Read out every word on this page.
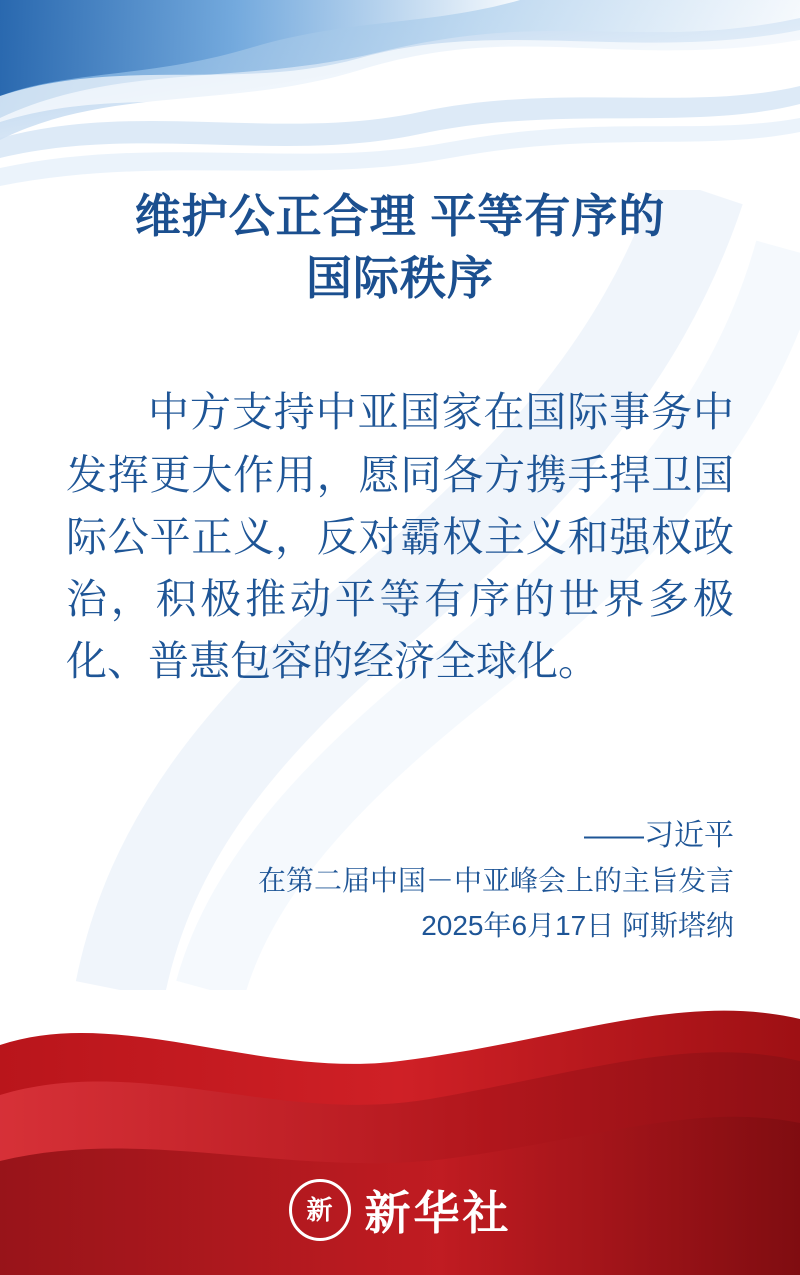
维护公正合理 平等有序的
国际秩序

中方支持中亚国家在国际事务中发挥更大作用，愿同各方携手捍卫国际公平正义，反对霸权主义和强权政治，积极推动平等有序的世界多极化、普惠包容的经济全球化。

——习近平
在第二届中国－中亚峰会上的主旨发言
2025年6月17日 阿斯塔纳
新 新华社
